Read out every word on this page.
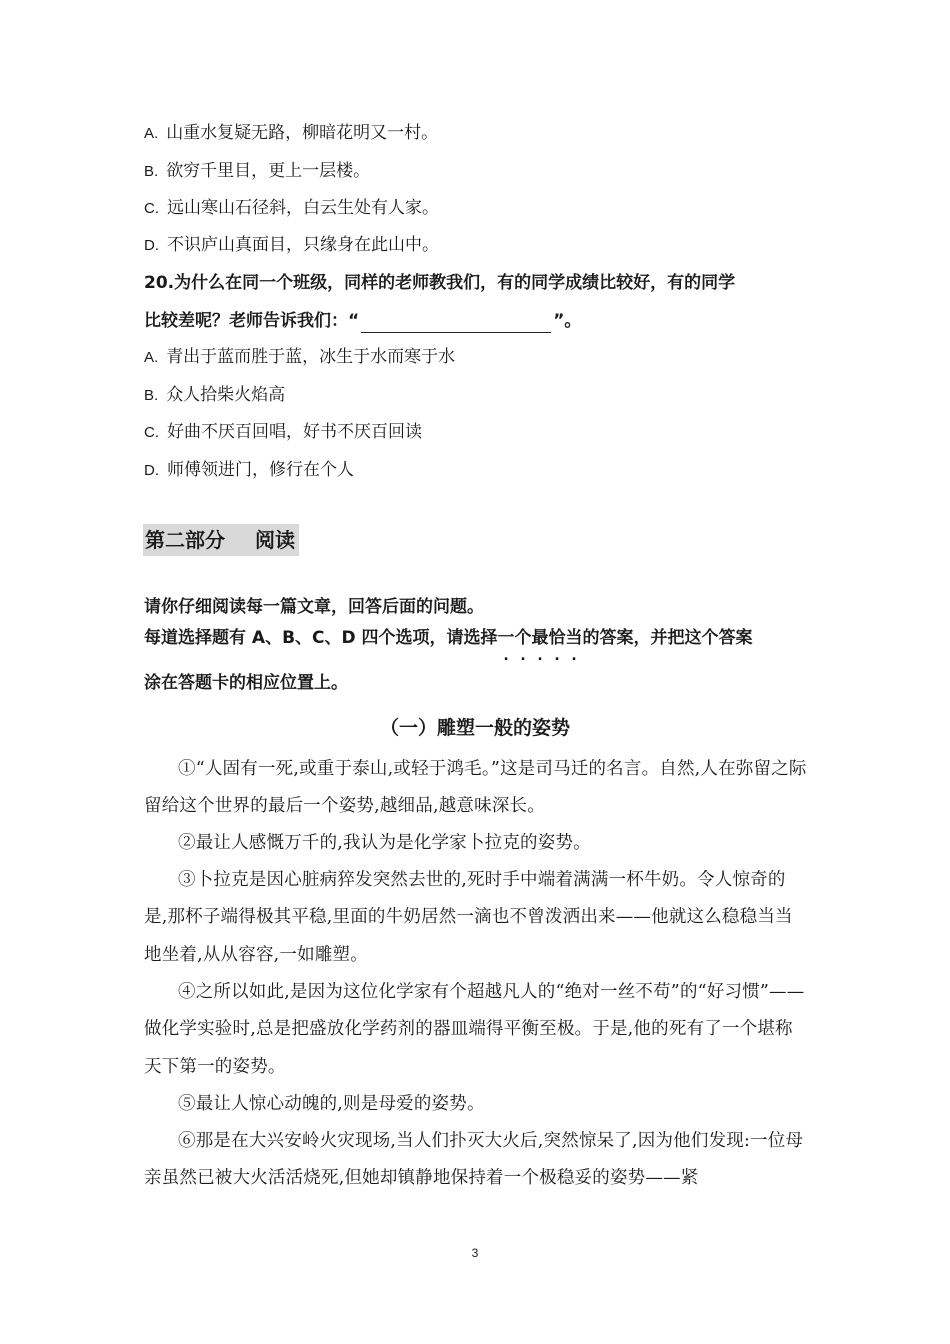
A. 山重水复疑无路，柳暗花明又一村。
B. 欲穷千里目，更上一层楼。
C. 远山寒山石径斜，白云生处有人家。
D. 不识庐山真面目，只缘身在此山中。
20.为什么在同一个班级，同样的老师教我们，有的同学成绩比较好，有的同学
比较差呢？老师告诉我们：“	”。
A. 青出于蓝而胜于蓝，冰生于水而寒于水
B. 众人拾柴火焰高
C. 好曲不厌百回唱，好书不厌百回读
D. 师傅领进门，修行在个人
第二部分 阅读
请你仔细阅读每一篇文章，回答后面的问题。
每道选择题有 A、B、C、D 四个选项，请选择一个最恰当的答案，并把这个答案
涂在答题卡的相应位置上。
（一）雕塑一般的姿势
①“人固有一死,或重于泰山,或轻于鸿毛。”这是司马迁的名言。自然,人在弥留之际留给这个世界的最后一个姿势,越细品,越意味深长。
②最让人感慨万千的,我认为是化学家卜拉克的姿势。
③卜拉克是因心脏病猝发突然去世的,死时手中端着满满一杯牛奶。令人惊奇的是,那杯子端得极其平稳,里面的牛奶居然一滴也不曾泼洒出来——他就这么稳稳当当地坐着,从从容容,一如雕塑。
④之所以如此,是因为这位化学家有个超越凡人的“绝对一丝不苟”的“好习惯”——做化学实验时,总是把盛放化学药剂的器皿端得平衡至极。于是,他的死有了一个堪称天下第一的姿势。
⑤最让人惊心动魄的,则是母爱的姿势。
⑥那是在大兴安岭火灾现场,当人们扑灭大火后,突然惊呆了,因为他们发现:一位母亲虽然已被大火活活烧死,但她却镇静地保持着一个极稳妥的姿势——紧
3
